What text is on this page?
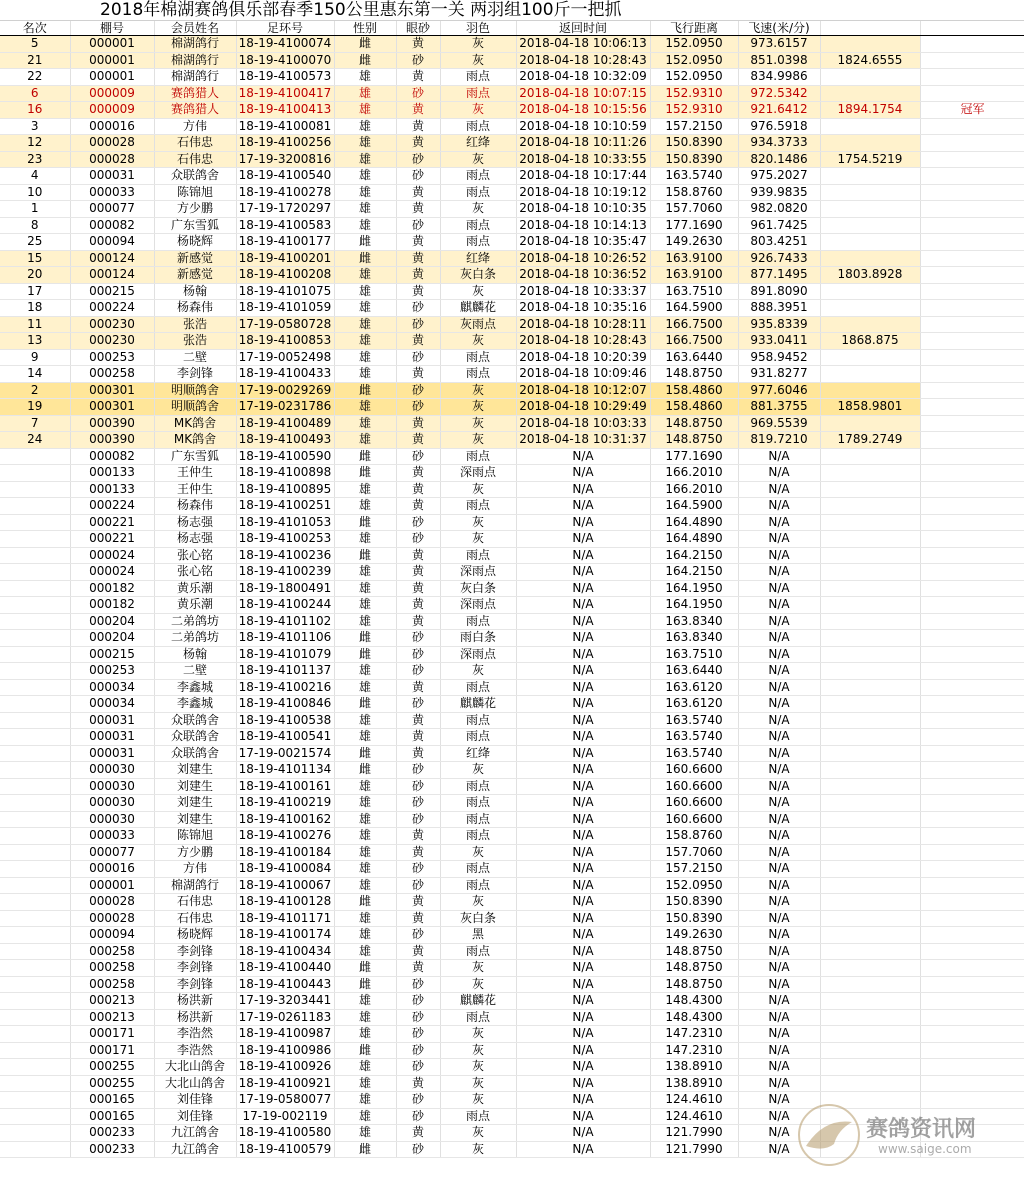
2018年棉湖赛鸽俱乐部春季150公里惠东第一关 两羽组100斤一把抓
名次	棚号	会员姓名	足环号	性别	眼砂	羽色	返回时间	飞行距离	飞速(米/分)		
5	000001	棉湖鸽行	18-19-4100074	雌	黄	灰	2018-04-18 10:06:13	152.0950	973.6157		
21	000001	棉湖鸽行	18-19-4100070	雌	砂	灰	2018-04-18 10:28:43	152.0950	851.0398	1824.6555	
22	000001	棉湖鸽行	18-19-4100573	雄	黄	雨点	2018-04-18 10:32:09	152.0950	834.9986		
6	000009	赛鸽猎人	18-19-4100417	雄	砂	雨点	2018-04-18 10:07:15	152.9310	972.5342		
16	000009	赛鸽猎人	18-19-4100413	雄	黄	灰	2018-04-18 10:15:56	152.9310	921.6412	1894.1754	冠军
3	000016	方伟	18-19-4100081	雄	黄	雨点	2018-04-18 10:10:59	157.2150	976.5918		
12	000028	石伟忠	18-19-4100256	雄	黄	红绛	2018-04-18 10:11:26	150.8390	934.3733		
23	000028	石伟忠	17-19-3200816	雄	砂	灰	2018-04-18 10:33:55	150.8390	820.1486	1754.5219	
4	000031	众联鸽舍	18-19-4100540	雄	砂	雨点	2018-04-18 10:17:44	163.5740	975.2027		
10	000033	陈锦旭	18-19-4100278	雄	黄	雨点	2018-04-18 10:19:12	158.8760	939.9835		
1	000077	方少鹏	17-19-1720297	雄	黄	灰	2018-04-18 10:10:35	157.7060	982.0820		
8	000082	广东雪狐	18-19-4100583	雄	砂	雨点	2018-04-18 10:14:13	177.1690	961.7425		
25	000094	杨晓辉	18-19-4100177	雌	黄	雨点	2018-04-18 10:35:47	149.2630	803.4251		
15	000124	新感觉	18-19-4100201	雌	黄	红绛	2018-04-18 10:26:52	163.9100	926.7433		
20	000124	新感觉	18-19-4100208	雄	黄	灰白条	2018-04-18 10:36:52	163.9100	877.1495	1803.8928	
17	000215	杨翰	18-19-4101075	雄	黄	灰	2018-04-18 10:33:37	163.7510	891.8090		
18	000224	杨森伟	18-19-4101059	雄	砂	麒麟花	2018-04-18 10:35:16	164.5900	888.3951		
11	000230	张浩	17-19-0580728	雄	砂	灰雨点	2018-04-18 10:28:11	166.7500	935.8339		
13	000230	张浩	18-19-4100853	雄	黄	灰	2018-04-18 10:28:43	166.7500	933.0411	1868.875	
9	000253	二壁	17-19-0052498	雄	砂	雨点	2018-04-18 10:20:39	163.6440	958.9452		
14	000258	李剑锋	18-19-4100433	雄	黄	雨点	2018-04-18 10:09:46	148.8750	931.8277		
2	000301	明顺鸽舍	17-19-0029269	雌	砂	灰	2018-04-18 10:12:07	158.4860	977.6046		
19	000301	明顺鸽舍	17-19-0231786	雄	砂	灰	2018-04-18 10:29:49	158.4860	881.3755	1858.9801	
7	000390	MK鸽舍	18-19-4100489	雄	黄	灰	2018-04-18 10:03:33	148.8750	969.5539		
24	000390	MK鸽舍	18-19-4100493	雄	黄	灰	2018-04-18 10:31:37	148.8750	819.7210	1789.2749	
	000082	广东雪狐	18-19-4100590	雌	砂	雨点	N/A	177.1690	N/A		
	000133	王仲生	18-19-4100898	雌	黄	深雨点	N/A	166.2010	N/A		
	000133	王仲生	18-19-4100895	雄	黄	灰	N/A	166.2010	N/A		
	000224	杨森伟	18-19-4100251	雄	黄	雨点	N/A	164.5900	N/A		
	000221	杨志强	18-19-4101053	雌	砂	灰	N/A	164.4890	N/A		
	000221	杨志强	18-19-4100253	雄	砂	灰	N/A	164.4890	N/A		
	000024	张心铭	18-19-4100236	雌	黄	雨点	N/A	164.2150	N/A		
	000024	张心铭	18-19-4100239	雄	黄	深雨点	N/A	164.2150	N/A		
	000182	黄乐潮	18-19-1800491	雄	黄	灰白条	N/A	164.1950	N/A		
	000182	黄乐潮	18-19-4100244	雄	黄	深雨点	N/A	164.1950	N/A		
	000204	二弟鸽坊	18-19-4101102	雄	黄	雨点	N/A	163.8340	N/A		
	000204	二弟鸽坊	18-19-4101106	雌	砂	雨白条	N/A	163.8340	N/A		
	000215	杨翰	18-19-4101079	雌	砂	深雨点	N/A	163.7510	N/A		
	000253	二壁	18-19-4101137	雄	砂	灰	N/A	163.6440	N/A		
	000034	李鑫城	18-19-4100216	雄	黄	雨点	N/A	163.6120	N/A		
	000034	李鑫城	18-19-4100846	雌	砂	麒麟花	N/A	163.6120	N/A		
	000031	众联鸽舍	18-19-4100538	雄	黄	雨点	N/A	163.5740	N/A		
	000031	众联鸽舍	18-19-4100541	雄	黄	雨点	N/A	163.5740	N/A		
	000031	众联鸽舍	17-19-0021574	雌	黄	红绛	N/A	163.5740	N/A		
	000030	刘建生	18-19-4101134	雌	砂	灰	N/A	160.6600	N/A		
	000030	刘建生	18-19-4100161	雄	砂	雨点	N/A	160.6600	N/A		
	000030	刘建生	18-19-4100219	雄	砂	雨点	N/A	160.6600	N/A		
	000030	刘建生	18-19-4100162	雄	砂	雨点	N/A	160.6600	N/A		
	000033	陈锦旭	18-19-4100276	雄	黄	雨点	N/A	158.8760	N/A		
	000077	方少鹏	18-19-4100184	雄	黄	灰	N/A	157.7060	N/A		
	000016	方伟	18-19-4100084	雄	砂	雨点	N/A	157.2150	N/A		
	000001	棉湖鸽行	18-19-4100067	雄	砂	雨点	N/A	152.0950	N/A		
	000028	石伟忠	18-19-4100128	雌	黄	灰	N/A	150.8390	N/A		
	000028	石伟忠	18-19-4101171	雄	黄	灰白条	N/A	150.8390	N/A		
	000094	杨晓辉	18-19-4100174	雄	砂	黑	N/A	149.2630	N/A		
	000258	李剑锋	18-19-4100434	雄	黄	雨点	N/A	148.8750	N/A		
	000258	李剑锋	18-19-4100440	雌	黄	灰	N/A	148.8750	N/A		
	000258	李剑锋	18-19-4100443	雌	砂	灰	N/A	148.8750	N/A		
	000213	杨洪新	17-19-3203441	雄	砂	麒麟花	N/A	148.4300	N/A		
	000213	杨洪新	17-19-0261183	雄	砂	雨点	N/A	148.4300	N/A		
	000171	李浩然	18-19-4100987	雄	砂	灰	N/A	147.2310	N/A		
	000171	李浩然	18-19-4100986	雌	砂	灰	N/A	147.2310	N/A		
	000255	大北山鸽舍	18-19-4100926	雄	砂	灰	N/A	138.8910	N/A		
	000255	大北山鸽舍	18-19-4100921	雄	黄	灰	N/A	138.8910	N/A		
	000165	刘佳锋	17-19-0580077	雄	砂	灰	N/A	124.4610	N/A		
	000165	刘佳锋	17-19-002119	雄	砂	雨点	N/A	124.4610	N/A		
	000233	九江鸽舍	18-19-4100580	雄	黄	灰	N/A	121.7990	N/A		
	000233	九江鸽舍	18-19-4100579	雌	砂	灰	N/A	121.7990	N/A		
赛鸽资讯网
www.saige.com
